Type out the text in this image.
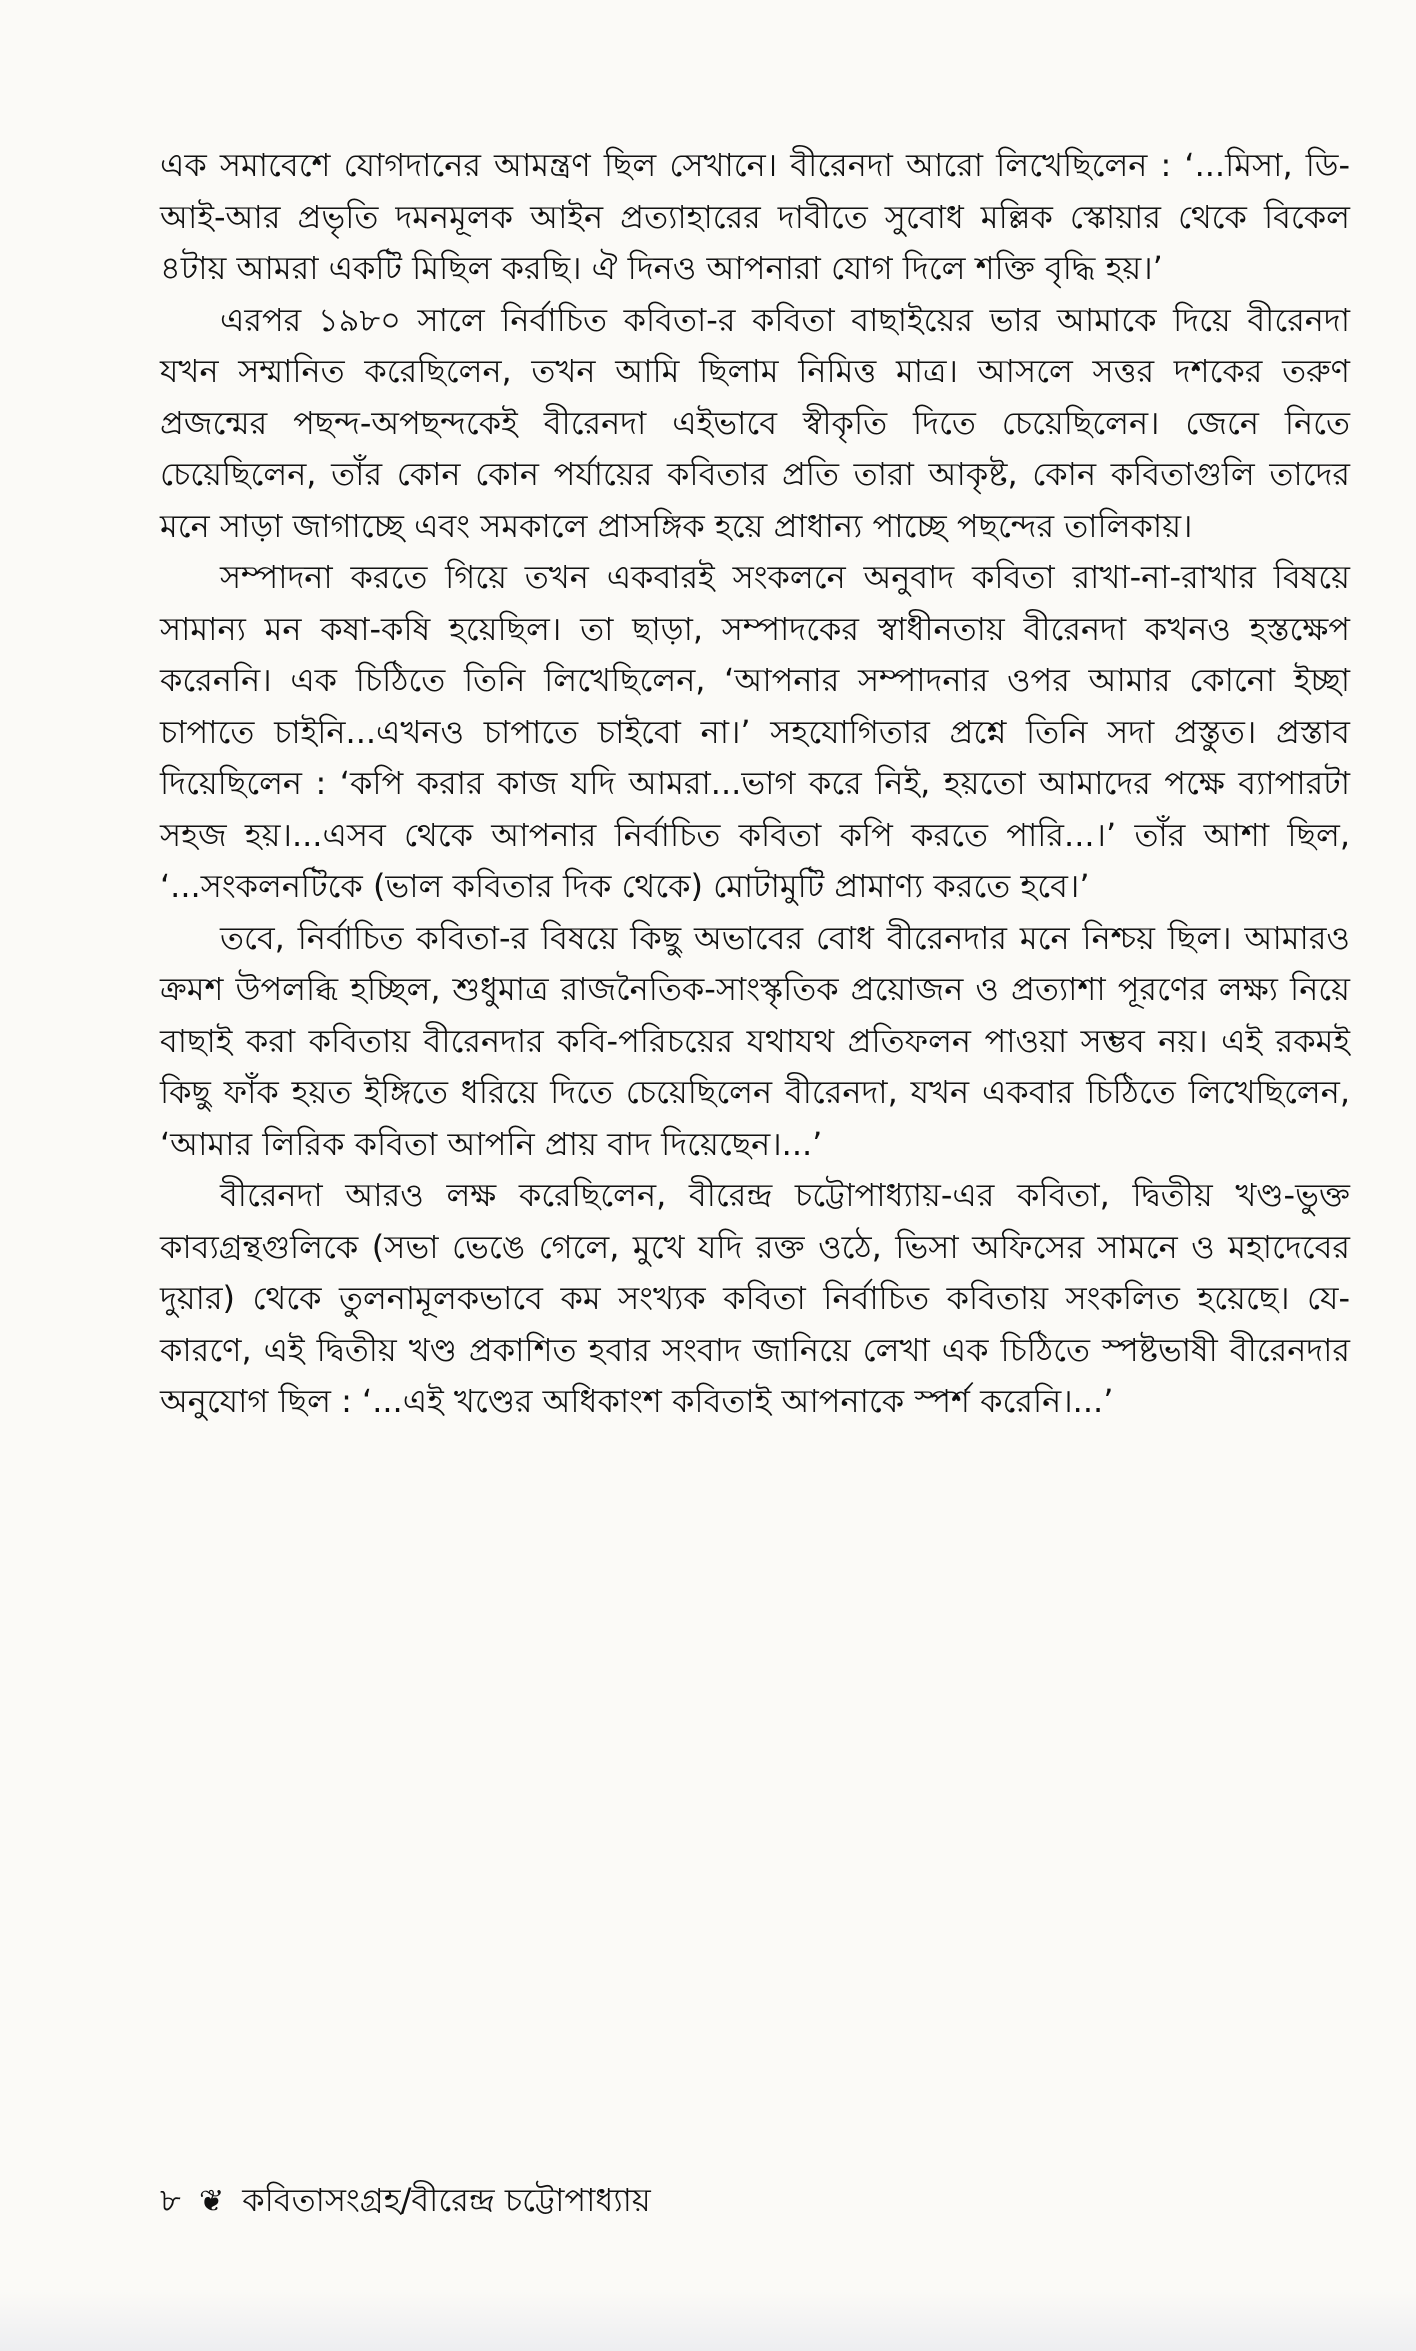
এক সমাবেশে যোগদানের আমন্ত্রণ ছিল সেখানে। বীরেনদা আরো লিখেছিলেন : ‘...মিসা, ডি-আই-আর প্রভৃতি দমনমূলক আইন প্রত্যাহারের দাবীতে সুবোধ মল্লিক স্কোয়ার থেকে বিকেল ৪টায় আমরা একটি মিছিল করছি। ঐ দিনও আপনারা যোগ দিলে শক্তি বৃদ্ধি হয়।’

এরপর ১৯৮০ সালে নির্বাচিত কবিতা-র কবিতা বাছাইয়ের ভার আমাকে দিয়ে বীরেনদা যখন সম্মানিত করেছিলেন, তখন আমি ছিলাম নিমিত্ত মাত্র। আসলে সত্তর দশকের তরুণ প্রজন্মের পছন্দ-অপছন্দকেই বীরেনদা এইভাবে স্বীকৃতি দিতে চেয়েছিলেন। জেনে নিতে চেয়েছিলেন, তাঁর কোন কোন পর্যায়ের কবিতার প্রতি তারা আকৃষ্ট, কোন কবিতাগুলি তাদের মনে সাড়া জাগাচ্ছে এবং সমকালে প্রাসঙ্গিক হয়ে প্রাধান্য পাচ্ছে পছন্দের তালিকায়।

সম্পাদনা করতে গিয়ে তখন একবারই সংকলনে অনুবাদ কবিতা রাখা-না-রাখার বিষয়ে সামান্য মন কষা-কষি হয়েছিল। তা ছাড়া, সম্পাদকের স্বাধীনতায় বীরেনদা কখনও হস্তক্ষেপ করেননি। এক চিঠিতে তিনি লিখেছিলেন, ‘আপনার সম্পাদনার ওপর আমার কোনো ইচ্ছা চাপাতে চাইনি...এখনও চাপাতে চাইবো না।’ সহযোগিতার প্রশ্নে তিনি সদা প্রস্তুত। প্রস্তাব দিয়েছিলেন : ‘কপি করার কাজ যদি আমরা...ভাগ করে নিই, হয়তো আমাদের পক্ষে ব্যাপারটা সহজ হয়।...এসব থেকে আপনার নির্বাচিত কবিতা কপি করতে পারি...।’ তাঁর আশা ছিল, ‘...সংকলনটিকে (ভাল কবিতার দিক থেকে) মোটামুটি প্রামাণ্য করতে হবে।’

তবে, নির্বাচিত কবিতা-র বিষয়ে কিছু অভাবের বোধ বীরেনদার মনে নিশ্চয় ছিল। আমারও ক্রমশ উপলব্ধি হচ্ছিল, শুধুমাত্র রাজনৈতিক-সাংস্কৃতিক প্রয়োজন ও প্রত্যাশা পূরণের লক্ষ্য নিয়ে বাছাই করা কবিতায় বীরেনদার কবি-পরিচয়ের যথাযথ প্রতিফলন পাওয়া সম্ভব নয়। এই রকমই কিছু ফাঁক হয়ত ইঙ্গিতে ধরিয়ে দিতে চেয়েছিলেন বীরেনদা, যখন একবার চিঠিতে লিখেছিলেন, ‘আমার লিরিক কবিতা আপনি প্রায় বাদ দিয়েছেন।...’

বীরেনদা আরও লক্ষ করেছিলেন, বীরেন্দ্র চট্টোপাধ্যায়-এর কবিতা, দ্বিতীয় খণ্ড-ভুক্ত কাব্যগ্রন্থগুলিকে (সভা ভেঙে গেলে, মুখে যদি রক্ত ওঠে, ভিসা অফিসের সামনে ও মহাদেবের দুয়ার) থেকে তুলনামূলকভাবে কম সংখ্যক কবিতা নির্বাচিত কবিতায় সংকলিত হয়েছে। যে-কারণে, এই দ্বিতীয় খণ্ড প্রকাশিত হবার সংবাদ জানিয়ে লেখা এক চিঠিতে স্পষ্টভাষী বীরেনদার অনুযোগ ছিল : ‘...এই খণ্ডের অধিকাংশ কবিতাই আপনাকে স্পর্শ করেনি।...’

৮ ❦ কবিতাসংগ্রহ/বীরেন্দ্র চট্টোপাধ্যায়
